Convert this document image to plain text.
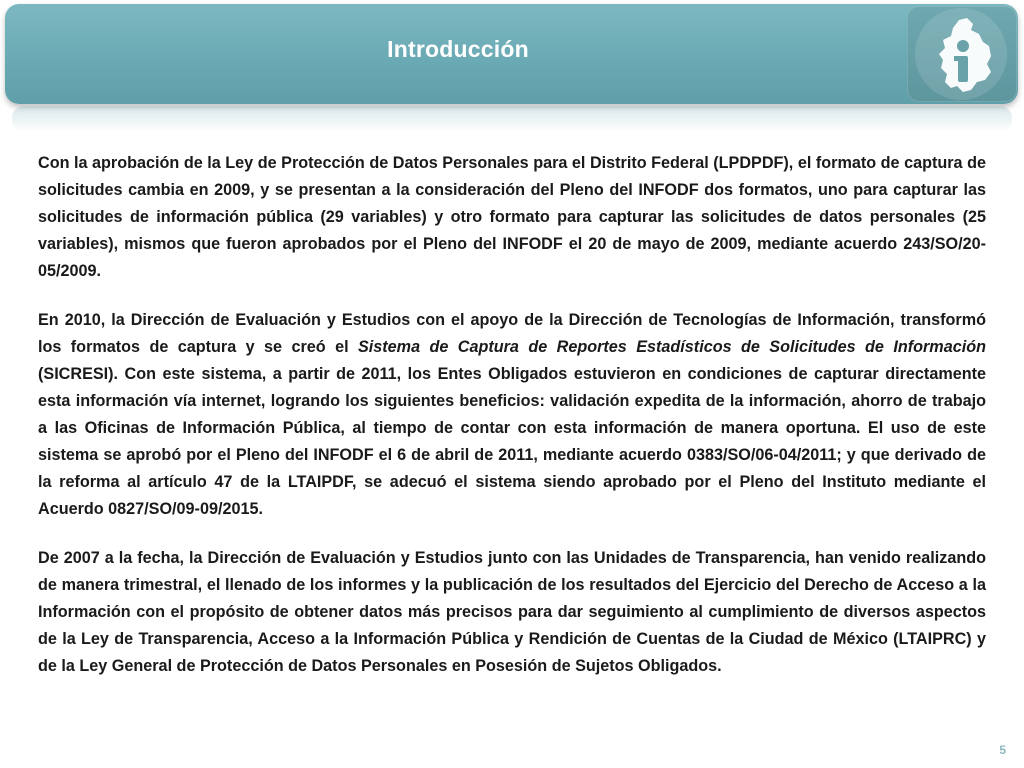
Introducción

Con la aprobación de la Ley de Protección de Datos Personales para el Distrito Federal (LPDPDF), el formato de captura de solicitudes cambia en 2009, y se presentan a la consideración del Pleno del INFODF dos formatos, uno para capturar las solicitudes de información pública (29 variables) y otro formato para capturar las solicitudes de datos personales (25 variables), mismos que fueron aprobados por el Pleno del INFODF el 20 de mayo de 2009, mediante acuerdo 243/SO/20-05/2009.

En 2010, la Dirección de Evaluación y Estudios con el apoyo de la Dirección de Tecnologías de Información, transformó los formatos de captura y se creó el Sistema de Captura de Reportes Estadísticos de Solicitudes de Información (SICRESI). Con este sistema, a partir de 2011, los Entes Obligados estuvieron en condiciones de capturar directamente esta información vía internet, logrando los siguientes beneficios: validación expedita de la información, ahorro de trabajo a las Oficinas de Información Pública, al tiempo de contar con esta información de manera oportuna. El uso de este sistema se aprobó por el Pleno del INFODF el 6 de abril de 2011, mediante acuerdo 0383/SO/06-04/2011; y que derivado de la reforma al artículo 47 de la LTAIPDF, se adecuó el sistema siendo aprobado por el Pleno del Instituto mediante el Acuerdo 0827/SO/09-09/2015.

De 2007 a la fecha, la Dirección de Evaluación y Estudios junto con las Unidades de Transparencia, han venido realizando de manera trimestral, el llenado de los informes y la publicación de los resultados del Ejercicio del Derecho de Acceso a la Información con el propósito de obtener datos más precisos para dar seguimiento al cumplimiento de diversos aspectos de la Ley de Transparencia, Acceso a la Información Pública y Rendición de Cuentas de la Ciudad de México (LTAIPRC) y de la Ley General de Protección de Datos Personales en Posesión de Sujetos Obligados.

5
